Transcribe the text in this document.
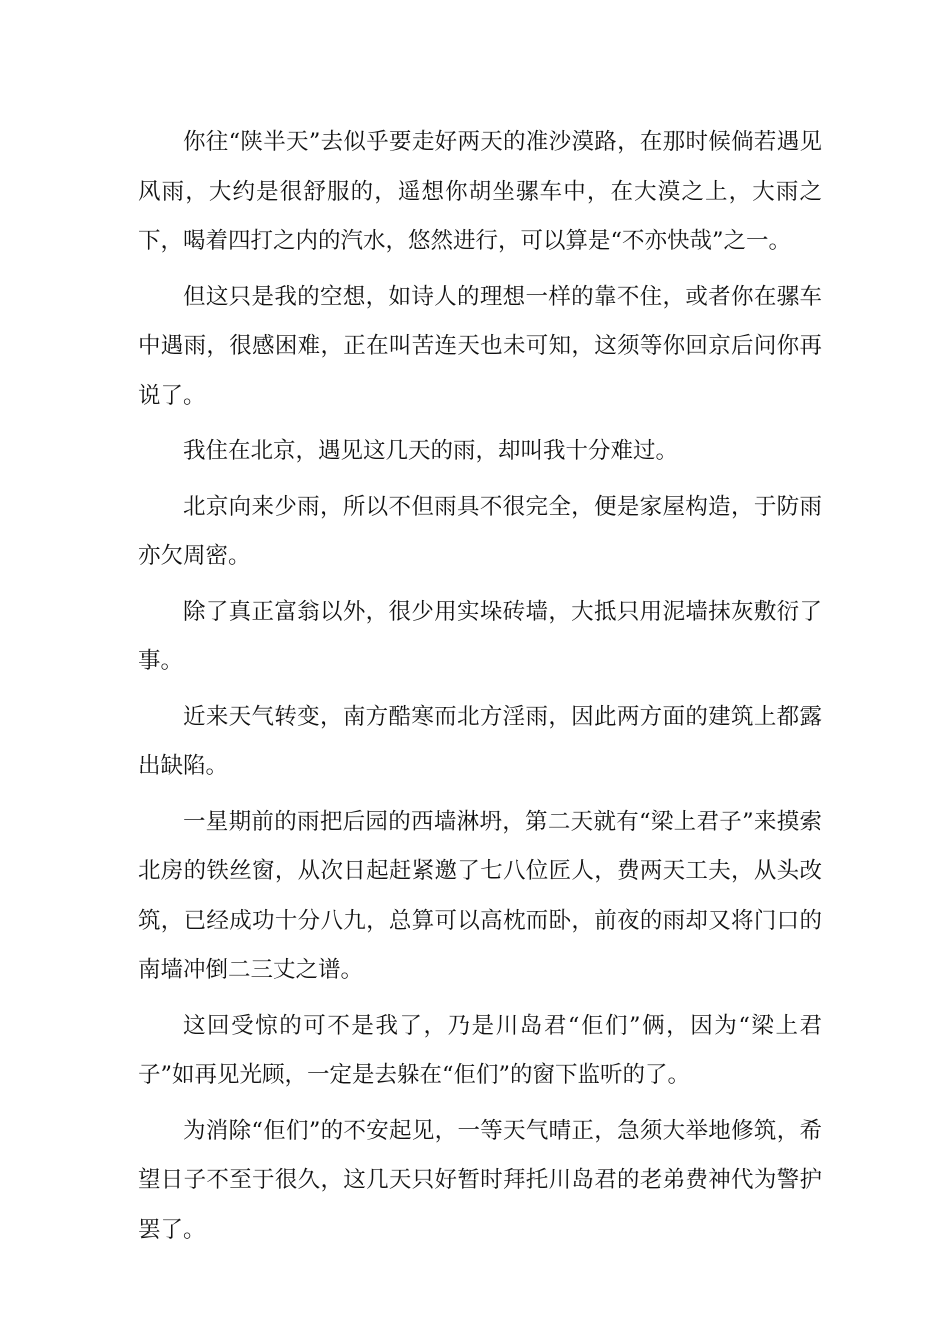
你往“陕半天”去似乎要走好两天的准沙漠路，在那时候倘若遇见风雨，大约是很舒服的，遥想你胡坐骡车中，在大漠之上，大雨之下，喝着四打之内的汽水，悠然进行，可以算是“不亦快哉”之一。

但这只是我的空想，如诗人的理想一样的靠不住，或者你在骡车中遇雨，很感困难，正在叫苦连天也未可知，这须等你回京后问你再说了。

我住在北京，遇见这几天的雨，却叫我十分难过。

北京向来少雨，所以不但雨具不很完全，便是家屋构造，于防雨亦欠周密。

除了真正富翁以外，很少用实垛砖墙，大抵只用泥墙抹灰敷衍了事。

近来天气转变，南方酷寒而北方淫雨，因此两方面的建筑上都露出缺陷。

一星期前的雨把后园的西墙淋坍，第二天就有“梁上君子”来摸索北房的铁丝窗，从次日起赶紧邀了七八位匠人，费两天工夫，从头改筑，已经成功十分八九，总算可以高枕而卧，前夜的雨却又将门口的南墙冲倒二三丈之谱。

这回受惊的可不是我了，乃是川岛君“佢们”俩，因为“梁上君子”如再见光顾，一定是去躲在“佢们”的窗下监听的了。

为消除“佢们”的不安起见，一等天气晴正，急须大举地修筑，希望日子不至于很久，这几天只好暂时拜托川岛君的老弟费神代为警护罢了。
